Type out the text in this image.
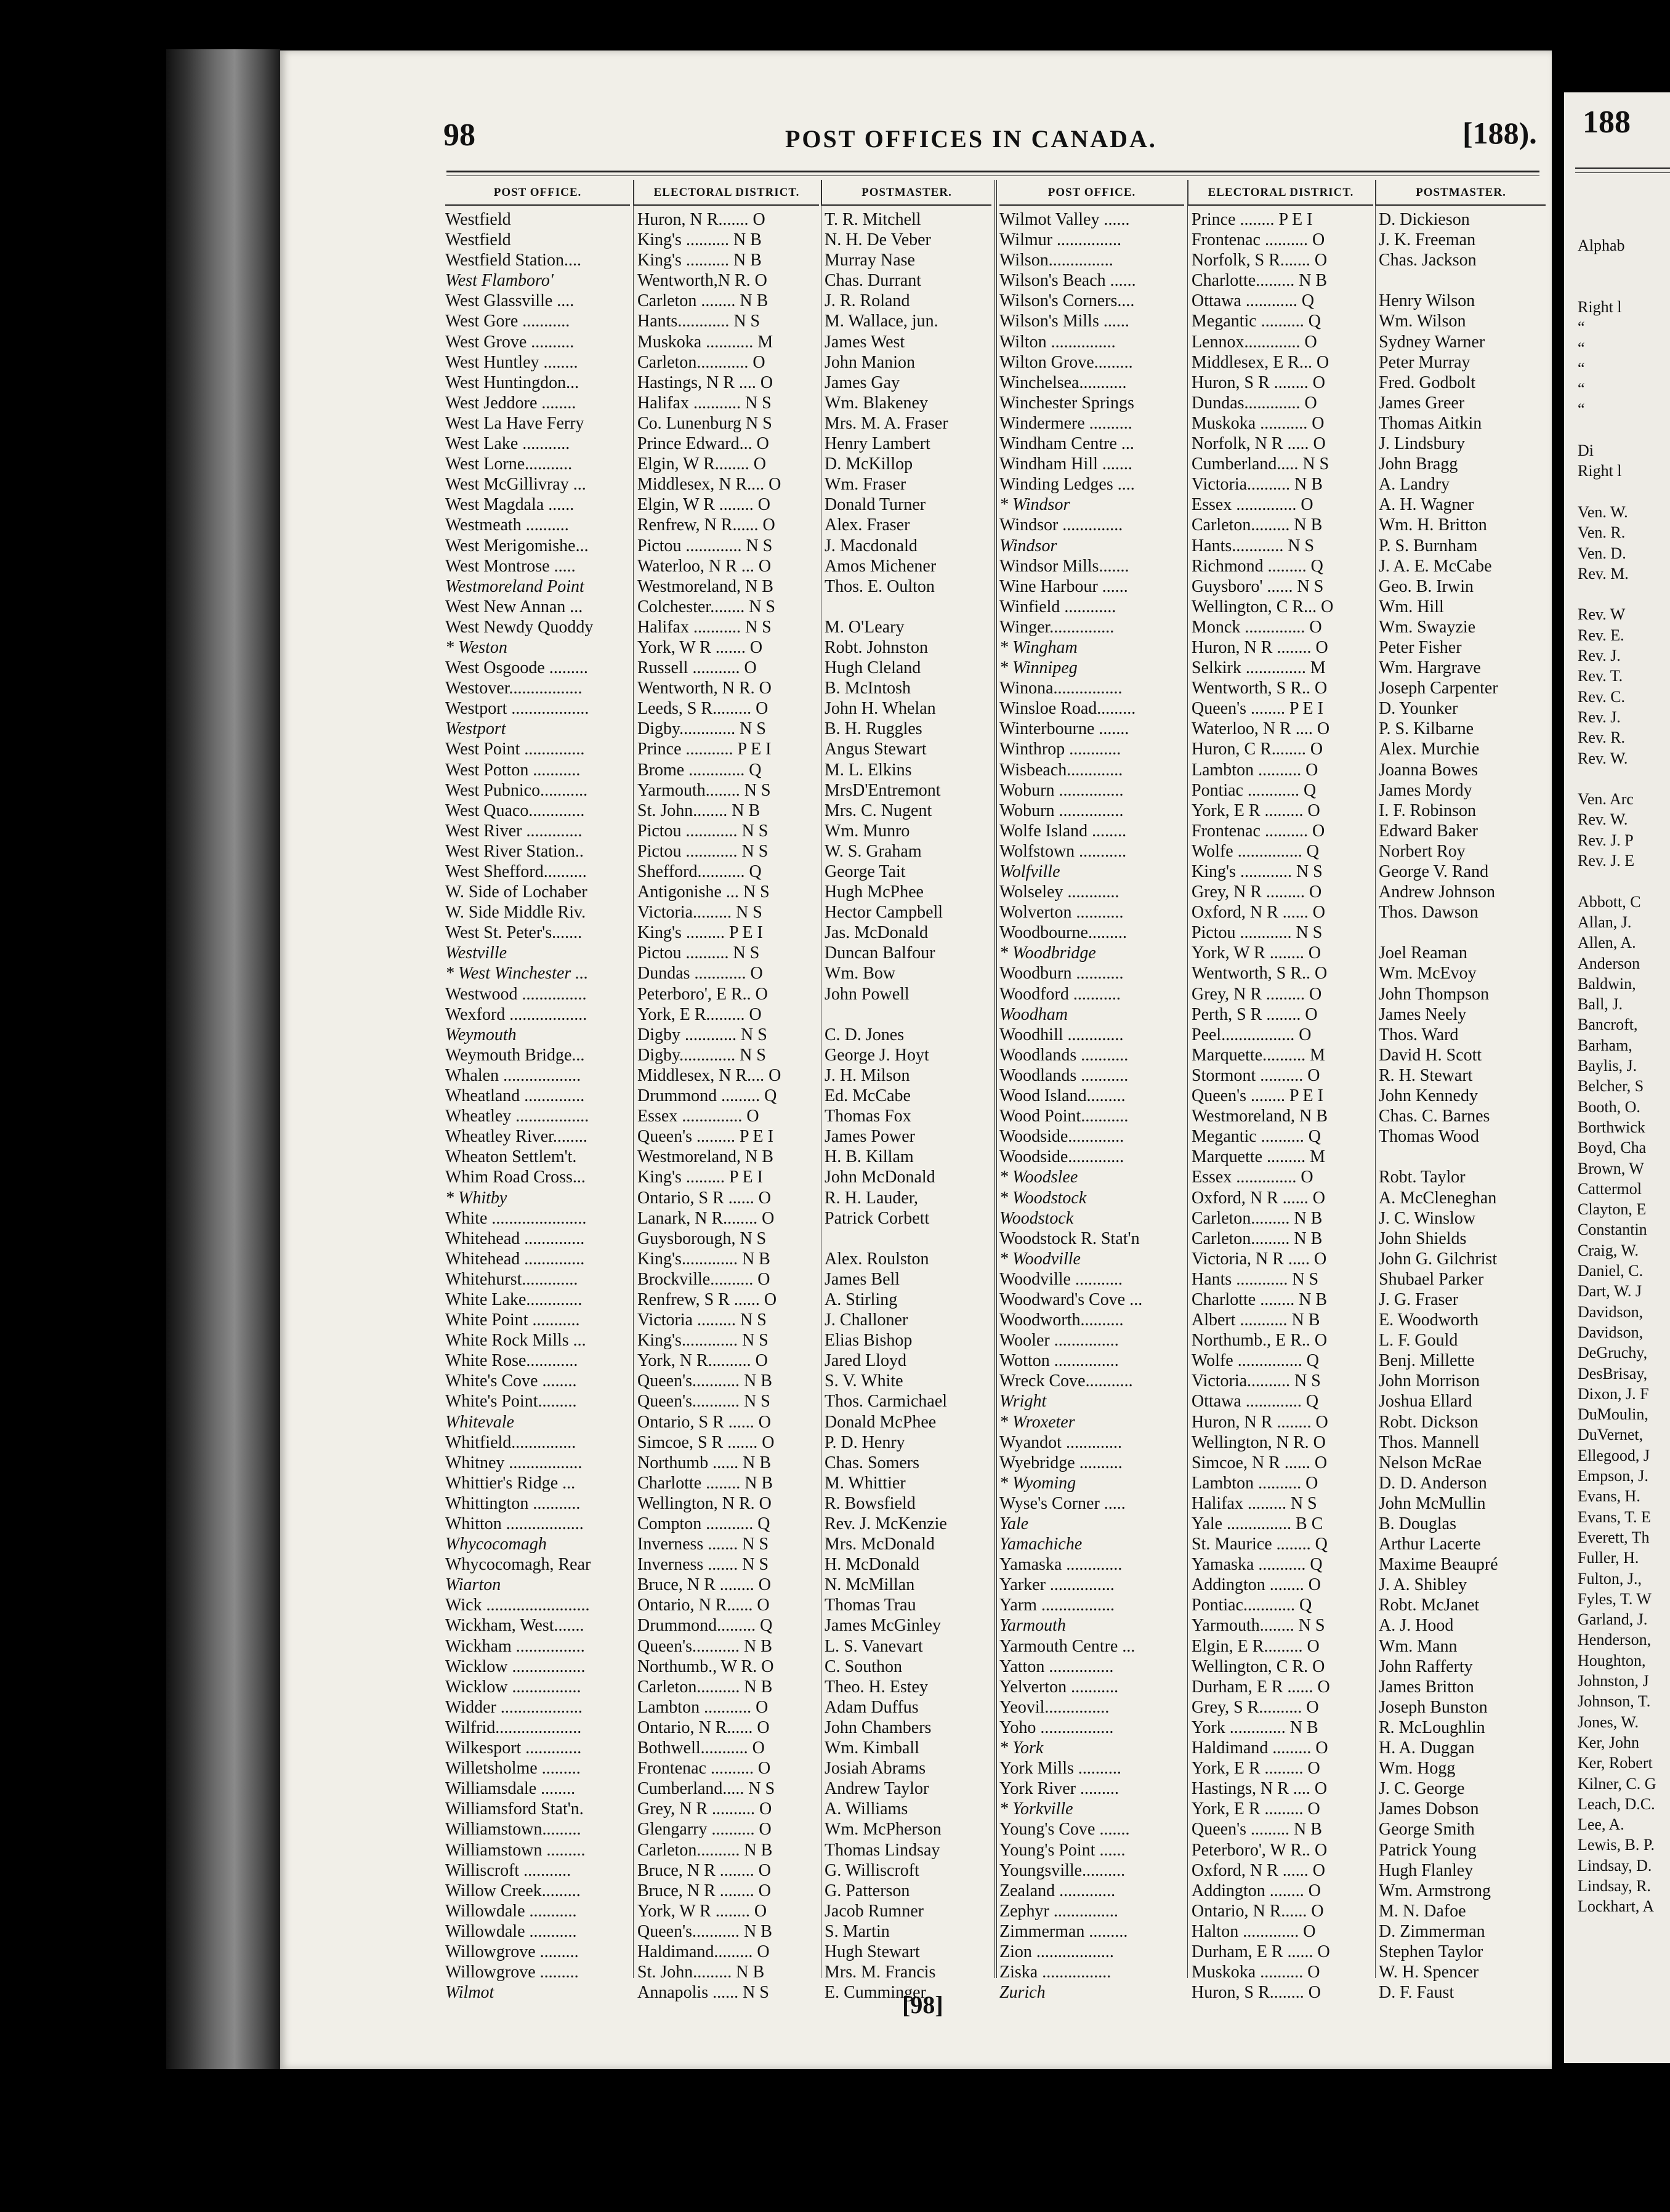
98	POST OFFICES IN CANADA.	[188).
POST OFFICE.	ELECTORAL DISTRICT.	POSTMASTER.
Westfield	Huron, N R....... O	T. R. Mitchell
Westfield	King's .......... N B	N. H. De Veber
Westfield Station....	King's .......... N B	Murray Nase
West Flamboro'	Wentworth,N R. O	Chas. Durrant
West Glassville ....	Carleton ........ N B	J. R. Roland
West Gore ...........	Hants............ N S	M. Wallace, jun.
West Grove ..........	Muskoka ........... M	James West
West Huntley ........	Carleton............ O	John Manion
West Huntingdon...	Hastings, N R .... O	James Gay
West Jeddore ........	Halifax ........... N S	Wm. Blakeney
West La Have Ferry	Co. Lunenburg N S	Mrs. M. A. Fraser
West Lake ...........	Prince Edward... O	Henry Lambert
West Lorne...........	Elgin, W R........ O	D. McKillop
West McGillivray ...	Middlesex, N R.... O	Wm. Fraser
West Magdala ......	Elgin, W R ........ O	Donald Turner
Westmeath ..........	Renfrew, N R...... O	Alex. Fraser
West Merigomishe...	Pictou ............. N S	J. Macdonald
West Montrose .....	Waterloo, N R ... O	Amos Michener
Westmoreland Point	Westmoreland, N B	Thos. E. Oulton
West New Annan ...	Colchester........ N S
West Newdy Quoddy	Halifax ........... N S	M. O'Leary
* Weston	York, W R ....... O	Robt. Johnston
West Osgoode .........	Russell ........... O	Hugh Cleland
Westover.................	Wentworth, N R. O	B. McIntosh
Westport ..................	Leeds, S R......... O	John H. Whelan
Westport	Digby............. N S	B. H. Ruggles
West Point ..............	Prince ........... P E I	Angus Stewart
West Potton ...........	Brome ............. Q	M. L. Elkins
West Pubnico...........	Yarmouth........ N S	MrsD'Entremont
West Quaco.............	St. John........ N B	Mrs. C. Nugent
West River .............	Pictou ............ N S	Wm. Munro
West River Station..	Pictou ............ N S	W. S. Graham
West Shefford..........	Shefford........... Q	George Tait
W. Side of Lochaber	Antigonishe ... N S	Hugh McPhee
W. Side Middle Riv.	Victoria......... N S	Hector Campbell
West St. Peter's.......	King's ......... P E I	Jas. McDonald
Westville	Pictou .......... N S	Duncan Balfour
* West Winchester ...	Dundas ............ O	Wm. Bow
Westwood ...............	Peterboro', E R.. O	John Powell
Wexford ..................	York, E R......... O
Weymouth	Digby ............ N S	C. D. Jones
Weymouth Bridge...	Digby............. N S	George J. Hoyt
Whalen ..................	Middlesex, N R.... O	J. H. Milson
Wheatland ..............	Drummond ......... Q	Ed. McCabe
Wheatley .................	Essex .............. O	Thomas Fox
Wheatley River........	Queen's ......... P E I	James Power
Wheaton Settlem't.	Westmoreland, N B	H. B. Killam
Whim Road Cross...	King's ......... P E I	John McDonald
* Whitby	Ontario, S R ...... O	R. H. Lauder,
White ......................	Lanark, N R........ O	Patrick Corbett
Whitehead ..............	Guysborough, N S
Whitehead ..............	King's............. N B	Alex. Roulston
Whitehurst.............	Brockville.......... O	James Bell
White Lake.............	Renfrew, S R ...... O	A. Stirling
White Point ...........	Victoria ......... N S	J. Challoner
White Rock Mills ...	King's............. N S	Elias Bishop
White Rose............	York, N R.......... O	Jared Lloyd
White's Cove ........	Queen's........... N B	S. V. White
White's Point.........	Queen's........... N S	Thos. Carmichael
Whitevale	Ontario, S R ...... O	Donald McPhee
Whitfield...............	Simcoe, S R ....... O	P. D. Henry
Whitney .................	Northumb ...... N B	Chas. Somers
Whittier's Ridge ...	Charlotte ........ N B	M. Whittier
Whittington ...........	Wellington, N R. O	R. Bowsfield
Whitton ..................	Compton ........... Q	Rev. J. McKenzie
Whycocomagh	Inverness ....... N S	Mrs. McDonald
Whycocomagh, Rear	Inverness ....... N S	H. McDonald
Wiarton	Bruce, N R ........ O	N. McMillan
Wick ........................	Ontario, N R...... O	Thomas Trau
Wickham, West.......	Drummond......... Q	James McGinley
Wickham ................	Queen's........... N B	L. S. Vanevart
Wicklow .................	Northumb., W R. O	C. Southon
Wicklow ................	Carleton.......... N B	Theo. H. Estey
Widder ...................	Lambton ........... O	Adam Duffus
Wilfrid....................	Ontario, N R...... O	John Chambers
Wilkesport .............	Bothwell........... O	Wm. Kimball
Willetsholme .........	Frontenac .......... O	Josiah Abrams
Williamsdale ........	Cumberland..... N S	Andrew Taylor
Williamsford Stat'n.	Grey, N R .......... O	A. Williams
Williamstown.........	Glengarry .......... O	Wm. McPherson
Williamstown .........	Carleton.......... N B	Thomas Lindsay
Williscroft ...........	Bruce, N R ........ O	G. Williscroft
Willow Creek.........	Bruce, N R ........ O	G. Patterson
Willowdale ...........	York, W R ........ O	Jacob Rumner
Willowdale ...........	Queen's........... N B	S. Martin
Willowgrove .........	Haldimand......... O	Hugh Stewart
Willowgrove .........	St. John......... N B	Mrs. M. Francis
Wilmot	Annapolis ...... N S	E. Cumminger
POST OFFICE.	ELECTORAL DISTRICT.	POSTMASTER.
Wilmot Valley ......	Prince ........ P E I	D. Dickieson
Wilmur ...............	Frontenac .......... O	J. K. Freeman
Wilson...............	Norfolk, S R....... O	Chas. Jackson
Wilson's Beach ......	Charlotte......... N B
Wilson's Corners....	Ottawa ............ Q	Henry Wilson
Wilson's Mills ......	Megantic .......... Q	Wm. Wilson
Wilton ...............	Lennox............. O	Sydney Warner
Wilton Grove.........	Middlesex, E R... O	Peter Murray
Winchelsea...........	Huron, S R ........ O	Fred. Godbolt
Winchester Springs	Dundas............. O	James Greer
Windermere ..........	Muskoka ........... O	Thomas Aitkin
Windham Centre ...	Norfolk, N R ..... O	J. Lindsbury
Windham Hill .......	Cumberland..... N S	John Bragg
Winding Ledges ....	Victoria.......... N B	A. Landry
* Windsor	Essex .............. O	A. H. Wagner
Windsor ..............	Carleton......... N B	Wm. H. Britton
Windsor	Hants............ N S	P. S. Burnham
Windsor Mills.......	Richmond ......... Q	J. A. E. McCabe
Wine Harbour ......	Guysboro' ...... N S	Geo. B. Irwin
Winfield ............	Wellington, C R... O	Wm. Hill
Winger...............	Monck .............. O	Wm. Swayzie
* Wingham	Huron, N R ........ O	Peter Fisher
* Winnipeg	Selkirk .............. M	Wm. Hargrave
Winona................	Wentworth, S R.. O	Joseph Carpenter
Winsloe Road.........	Queen's ........ P E I	D. Younker
Winterbourne .......	Waterloo, N R .... O	P. S. Kilbarne
Winthrop ............	Huron, C R........ O	Alex. Murchie
Wisbeach.............	Lambton .......... O	Joanna Bowes
Woburn ...............	Pontiac ............ Q	James Mordy
Woburn ...............	York, E R ......... O	I. F. Robinson
Wolfe Island ........	Frontenac .......... O	Edward Baker
Wolfstown ...........	Wolfe ............... Q	Norbert Roy
Wolfville	King's ............ N S	George V. Rand
Wolseley ............	Grey, N R ......... O	Andrew Johnson
Wolverton ...........	Oxford, N R ...... O	Thos. Dawson
Woodbourne.........	Pictou ............ N S
* Woodbridge	York, W R ........ O	Joel Reaman
Woodburn ...........	Wentworth, S R.. O	Wm. McEvoy
Woodford ...........	Grey, N R ......... O	John Thompson
Woodham	Perth, S R ........ O	James Neely
Woodhill .............	Peel................. O	Thos. Ward
Woodlands ...........	Marquette.......... M	David H. Scott
Woodlands ...........	Stormont .......... O	R. H. Stewart
Wood Island.........	Queen's ........ P E I	John Kennedy
Wood Point...........	Westmoreland, N B	Chas. C. Barnes
Woodside.............	Megantic .......... Q	Thomas Wood
Woodside.............	Marquette ......... M
* Woodslee	Essex .............. O	Robt. Taylor
* Woodstock	Oxford, N R ...... O	A. McCleneghan
Woodstock	Carleton......... N B	J. C. Winslow
Woodstock R. Stat'n	Carleton......... N B	John Shields
* Woodville	Victoria, N R ..... O	John G. Gilchrist
Woodville ...........	Hants ............ N S	Shubael Parker
Woodward's Cove ...	Charlotte ........ N B	J. G. Fraser
Woodworth..........	Albert ........... N B	E. Woodworth
Wooler ...............	Northumb., E R.. O	L. F. Gould
Wotton ...............	Wolfe ............... Q	Benj. Millette
Wreck Cove...........	Victoria.......... N S	John Morrison
Wright	Ottawa ............. Q	Joshua Ellard
* Wroxeter	Huron, N R ........ O	Robt. Dickson
Wyandot .............	Wellington, N R. O	Thos. Mannell
Wyebridge ..........	Simcoe, N R ...... O	Nelson McRae
* Wyoming	Lambton .......... O	D. D. Anderson
Wyse's Corner .....	Halifax ......... N S	John McMullin
Yale	Yale ............... B C	B. Douglas
Yamachiche	St. Maurice ........ Q	Arthur Lacerte
Yamaska .............	Yamaska ........... Q	Maxime Beaupré
Yarker ...............	Addington ........ O	J. A. Shibley
Yarm .................	Pontiac............ Q	Robt. McJanet
Yarmouth	Yarmouth........ N S	A. J. Hood
Yarmouth Centre ...	Elgin, E R......... O	Wm. Mann
Yatton ...............	Wellington, C R. O	John Rafferty
Yelverton ...........	Durham, E R ...... O	James Britton
Yeovil...............	Grey, S R.......... O	Joseph Bunston
Yoho .................	York ............. N B	R. McLoughlin
* York	Haldimand ......... O	H. A. Duggan
York Mills ..........	York, E R ......... O	Wm. Hogg
York River .........	Hastings, N R .... O	J. C. George
* Yorkville	York, E R ......... O	James Dobson
Young's Cove .......	Queen's ......... N B	George Smith
Young's Point ......	Peterboro', W R.. O	Patrick Young
Youngsville..........	Oxford, N R ...... O	Hugh Flanley
Zealand .............	Addington ........ O	Wm. Armstrong
Zephyr ...............	Ontario, N R...... O	M. N. Dafoe
Zimmerman .........	Halton ............. O	D. Zimmerman
Zion ..................	Durham, E R ...... O	Stephen Taylor
Ziska ................	Muskoka .......... O	W. H. Spencer
Zurich	Huron, S R........ O	D. F. Faust
[98]
188
Alphab
Right l
“
“
“
“
“
Di
Right l
Ven. W.
Ven. R.
Ven. D.
Rev. M.
Rev. W
Rev. E.
Rev. J.
Rev. T.
Rev. C.
Rev. J.
Rev. R.
Rev. W.
Ven. Arc
Rev. W.
Rev. J. P
Rev. J. E
Abbott, C
Allan, J.
Allen, A.
Anderson
Baldwin,
Ball, J.
Bancroft,
Barham,
Baylis, J.
Belcher, S
Booth, O.
Borthwick
Boyd, Cha
Brown, W
Cattermol
Clayton, E
Constantin
Craig, W.
Daniel, C.
Dart, W. J
Davidson,
Davidson,
DeGruchy,
DesBrisay,
Dixon, J. F
DuMoulin,
DuVernet,
Ellegood, J
Empson, J.
Evans, H.
Evans, T. E
Everett, Th
Fuller, H.
Fulton, J.,
Fyles, T. W
Garland, J.
Henderson,
Houghton,
Johnston, J
Johnson, T.
Jones, W.
Ker, John
Ker, Robert
Kilner, C. G
Leach, D.C.
Lee, A.
Lewis, B. P.
Lindsay, D.
Lindsay, R.
Lockhart, A
